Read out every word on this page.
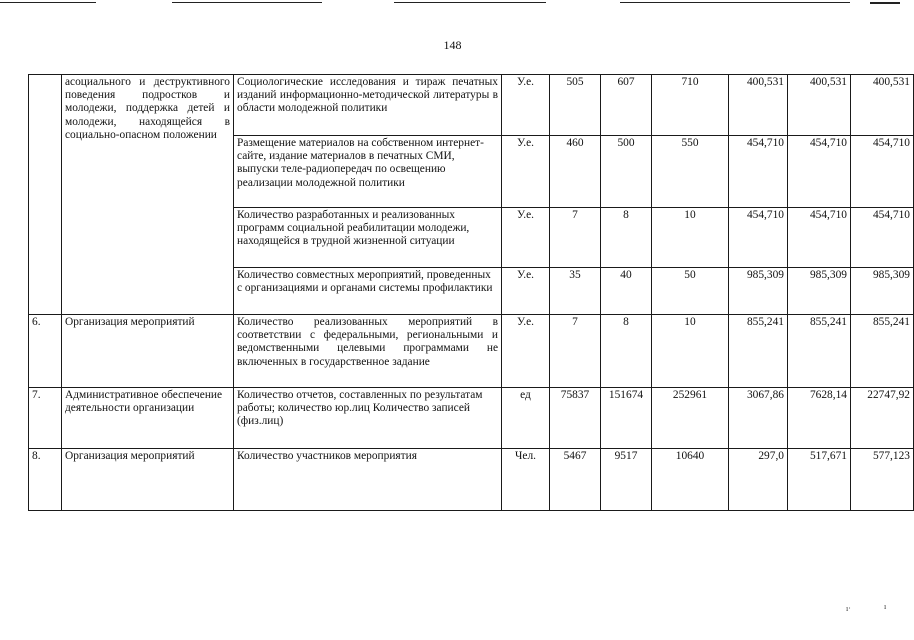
148
	асоциального и деструктивного поведения подростков и молодежи, поддержка детей и молодежи, находящейся в социально-опасном положении	Социологические исследования и тираж печатных изданий информационно-методической литературы в области молодежной политики	У.е.	505	607	710	400,531	400,531	400,531
		Размещение материалов на собственном интернет-сайте, издание материалов в печатных СМИ, выпуски теле-радиопередач по освещению реализации молодежной политики	У.е.	460	500	550	454,710	454,710	454,710
		Количество разработанных и реализованных программ социальной реабилитации молодежи, находящейся в трудной жизненной ситуации	У.е.	7	8	10	454,710	454,710	454,710
		Количество совместных мероприятий, проведенных с организациями и органами системы профилактики	У.е.	35	40	50	985,309	985,309	985,309
6.	Организация мероприятий	Количество реализованных мероприятий в соответствии с федеральными, региональными и ведомственными целевыми программами не включенных в государственное задание	У.е.	7	8	10	855,241	855,241	855,241
7.	Административное обеспечение деятельности организации	Количество отчетов, составленных по результатам работы; количество юр.лиц Количество записей (физ.лиц)	ед	75837	151674	252961	3067,86	7628,14	22747,92
8.	Организация мероприятий	Количество участников мероприятия	Чел.	5467	9517	10640	297,0	517,671	577,123
ı·	ı
